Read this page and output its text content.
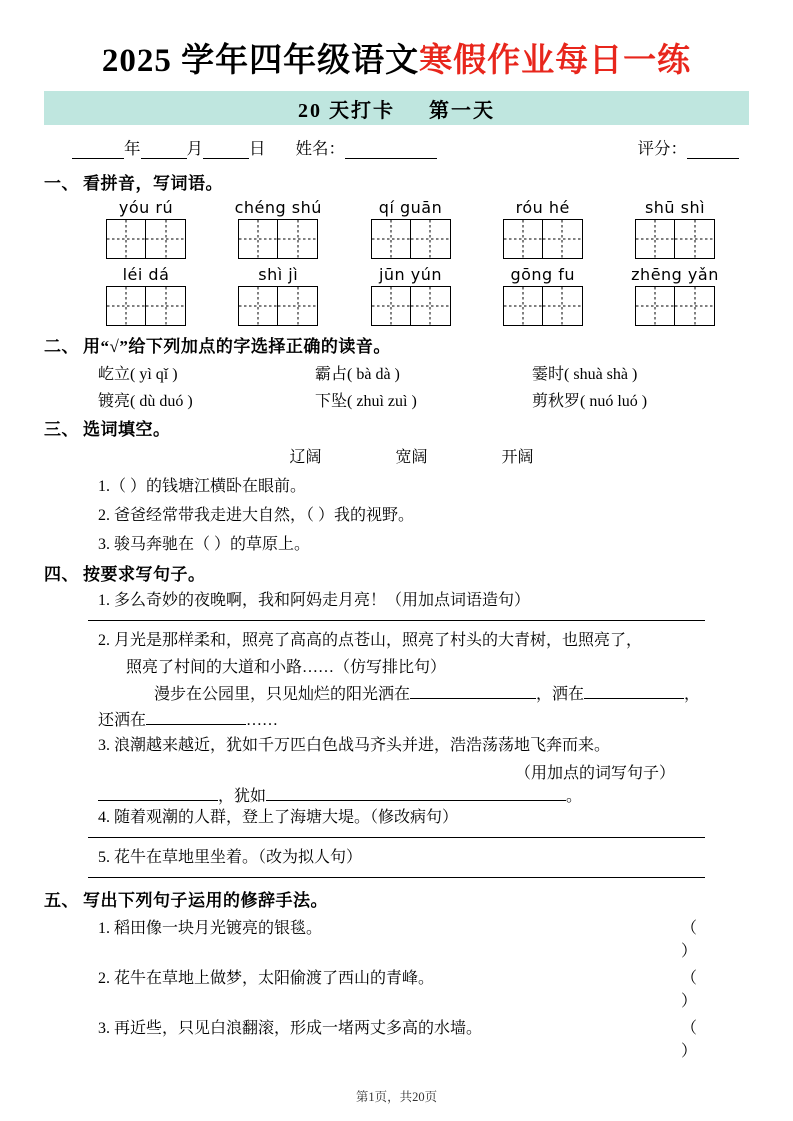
2025 学年四年级语文寒假作业每日一练
20 天打卡 第一天
年	月	日 姓名：	评分：
一、 看拼音，写词语。
yóu rú	chéng shú	qí guān	róu hé	shū shì
léi dá	shì jì	jūn yún	gōng fu	zhēng yǎn
二、 用“√”给下列加点的字选择正确的读音。
屹立( yì qǐ )	霸占( bà dà )	霎时( shuà shà )
镀亮( dù duó )	下坠( zhuì zuì )	剪秋罗( nuó luó )
三、 选词填空。
辽阔	宽阔	开阔
1.（ ）的钱塘江横卧在眼前。
2. 爸爸经常带我走进大自然，（ ）我的视野。
3. 骏马奔驰在（ ）的草原上。
四、 按要求写句子。
1. 多么奇妙的夜晚啊，我和阿妈走月亮！（用加点词语造句）
2. 月光是那样柔和，照亮了高高的点苍山，照亮了村头的大青树，也照亮了，
照亮了村间的大道和小路……（仿写排比句）
漫步在公园里，只见灿烂的阳光洒在	，洒在	，
还洒在	……
3. 浪潮越来越近，犹如千万匹白色战马齐头并进，浩浩荡荡地飞奔而来。
（用加点的词写句子）
，犹如	。
4. 随着观潮的人群，登上了海塘大堤。（修改病句）
5. 花牛在草地里坐着。（改为拟人句）
五、 写出下列句子运用的修辞手法。
1. 稻田像一块月光镀亮的银毯。	（ ）
2. 花牛在草地上做梦，太阳偷渡了西山的青峰。	（ ）
3. 再近些，只见白浪翻滚，形成一堵两丈多高的水墙。	（ ）
第1页，共20页
